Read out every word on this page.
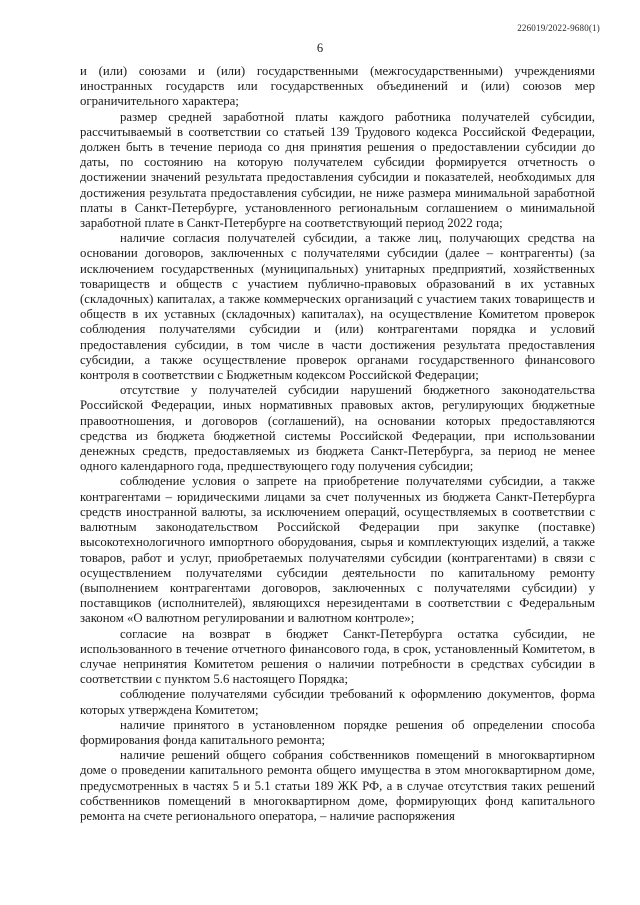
226019/2022-9680(1)
6

и (или) союзами и (или) государственными (межгосударственными) учреждениями иностранных государств или государственных объединений и (или) союзов мер ограничительного характера;

размер средней заработной платы каждого работника получателей субсидии, рассчитываемый в соответствии со статьей 139 Трудового кодекса Российской Федерации, должен быть в течение периода со дня принятия решения о предоставлении субсидии до даты, по состоянию на которую получателем субсидии формируется отчетность о достижении значений результата предоставления субсидии и показателей, необходимых для достижения результата предоставления субсидии, не ниже размера минимальной заработной платы в Санкт-Петербурге, установленного региональным соглашением о минимальной заработной плате в Санкт-Петербурге на соответствующий период 2022 года;

наличие согласия получателей субсидии, а также лиц, получающих средства на основании договоров, заключенных с получателями субсидии (далее – контрагенты) (за исключением государственных (муниципальных) унитарных предприятий, хозяйственных товариществ и обществ с участием публично-правовых образований в их уставных (складочных) капиталах, а также коммерческих организаций с участием таких товариществ и обществ в их уставных (складочных) капиталах), на осуществление Комитетом проверок соблюдения получателями субсидии и (или) контрагентами порядка и условий предоставления субсидии, в том числе в части достижения результата предоставления субсидии, а также осуществление проверок органами государственного финансового контроля в соответствии с Бюджетным кодексом Российской Федерации;

отсутствие у получателей субсидии нарушений бюджетного законодательства Российской Федерации, иных нормативных правовых актов, регулирующих бюджетные правоотношения, и договоров (соглашений), на основании которых предоставляются средства из бюджета бюджетной системы Российской Федерации, при использовании денежных средств, предоставляемых из бюджета Санкт-Петербурга, за период не менее одного календарного года, предшествующего году получения субсидии;

соблюдение условия о запрете на приобретение получателями субсидии, а также контрагентами – юридическими лицами за счет полученных из бюджета Санкт-Петербурга средств иностранной валюты, за исключением операций, осуществляемых в соответствии с валютным законодательством Российской Федерации при закупке (поставке) высокотехнологичного импортного оборудования, сырья и комплектующих изделий, а также товаров, работ и услуг, приобретаемых получателями субсидии (контрагентами) в связи с осуществлением получателями субсидии деятельности по капитальному ремонту (выполнением контрагентами договоров, заключенных с получателями субсидии) у поставщиков (исполнителей), являющихся нерезидентами в соответствии с Федеральным законом «О валютном регулировании и валютном контроле»;

согласие на возврат в бюджет Санкт-Петербурга остатка субсидии, не использованного в течение отчетного финансового года, в срок, установленный Комитетом, в случае непринятия Комитетом решения о наличии потребности в средствах субсидии в соответствии с пунктом 5.6 настоящего Порядка;

соблюдение получателями субсидии требований к оформлению документов, форма которых утверждена Комитетом;

наличие принятого в установленном порядке решения об определении способа формирования фонда капитального ремонта;

наличие решений общего собрания собственников помещений в многоквартирном доме о проведении капитального ремонта общего имущества в этом многоквартирном доме, предусмотренных в частях 5 и 5.1 статьи 189 ЖК РФ, а в случае отсутствия таких решений собственников помещений в многоквартирном доме, формирующих фонд капитального ремонта на счете регионального оператора, – наличие распоряжения
